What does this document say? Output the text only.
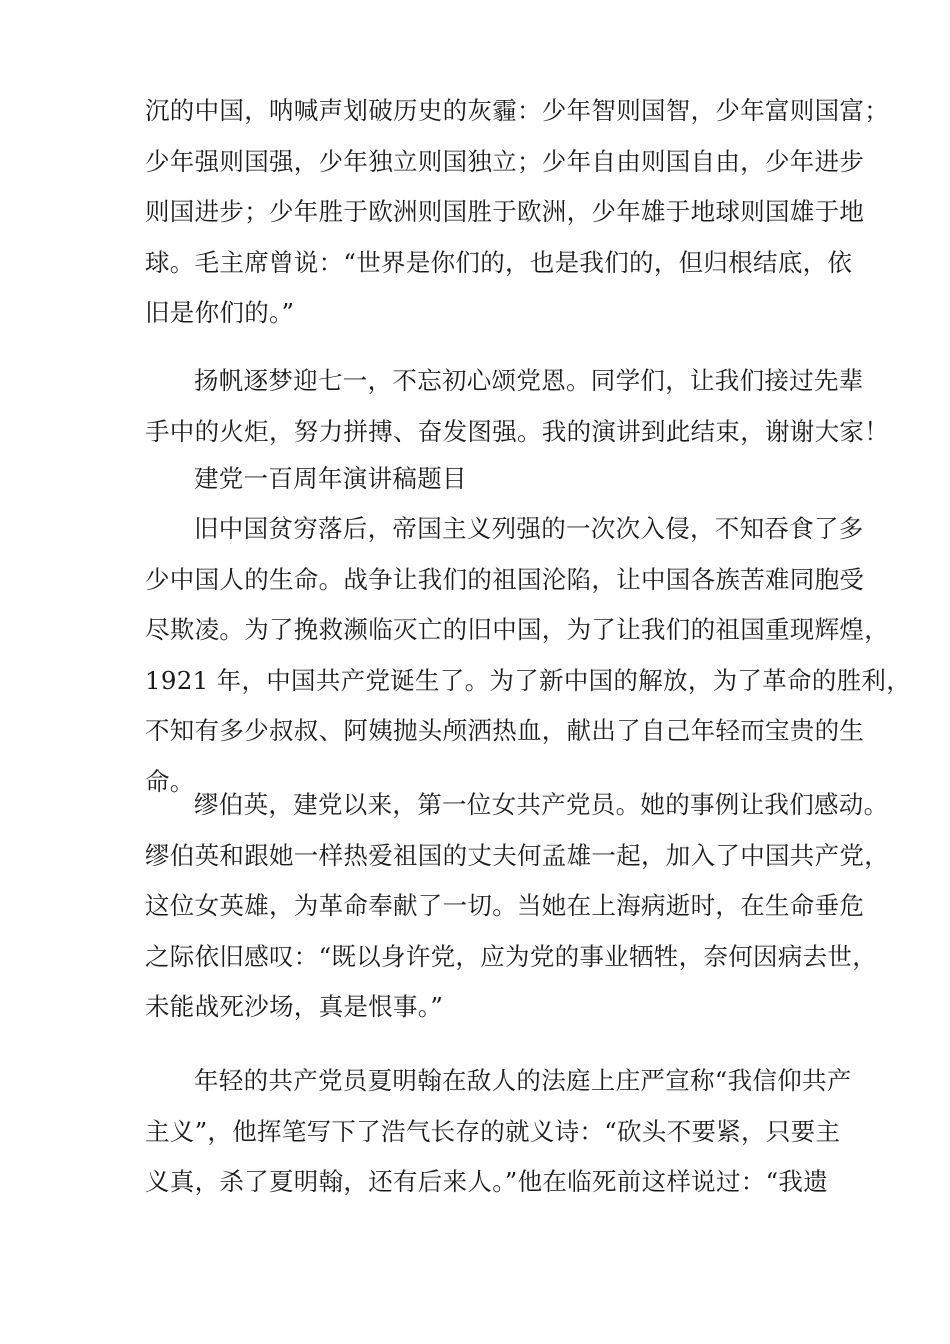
沉的中国，呐喊声划破历史的灰霾：少年智则国智，少年富则国富；
少年强则国强，少年独立则国独立；少年自由则国自由，少年进步
则国进步；少年胜于欧洲则国胜于欧洲，少年雄于地球则国雄于地
球。毛主席曾说：“世界是你们的，也是我们的，但归根结底，依
旧是你们的。”
扬帆逐梦迎七一，不忘初心颂党恩。同学们，让我们接过先辈
手中的火炬，努力拼搏、奋发图强。我的演讲到此结束，谢谢大家！
建党一百周年演讲稿题目
旧中国贫穷落后，帝国主义列强的一次次入侵，不知吞食了多
少中国人的生命。战争让我们的祖国沦陷，让中国各族苦难同胞受
尽欺凌。为了挽救濒临灭亡的旧中国，为了让我们的祖国重现辉煌，
1921 年，中国共产党诞生了。为了新中国的解放，为了革命的胜利，
不知有多少叔叔、阿姨抛头颅洒热血，献出了自己年轻而宝贵的生
命。
缪伯英，建党以来，第一位女共产党员。她的事例让我们感动。
缪伯英和跟她一样热爱祖国的丈夫何孟雄一起，加入了中国共产党，
这位女英雄，为革命奉献了一切。当她在上海病逝时，在生命垂危
之际依旧感叹：“既以身许党，应为党的事业牺牲，奈何因病去世，
未能战死沙场，真是恨事。”
年轻的共产党员夏明翰在敌人的法庭上庄严宣称“我信仰共产
主义”，他挥笔写下了浩气长存的就义诗：“砍头不要紧，只要主
义真，杀了夏明翰，还有后来人。”他在临死前这样说过：“我遗
